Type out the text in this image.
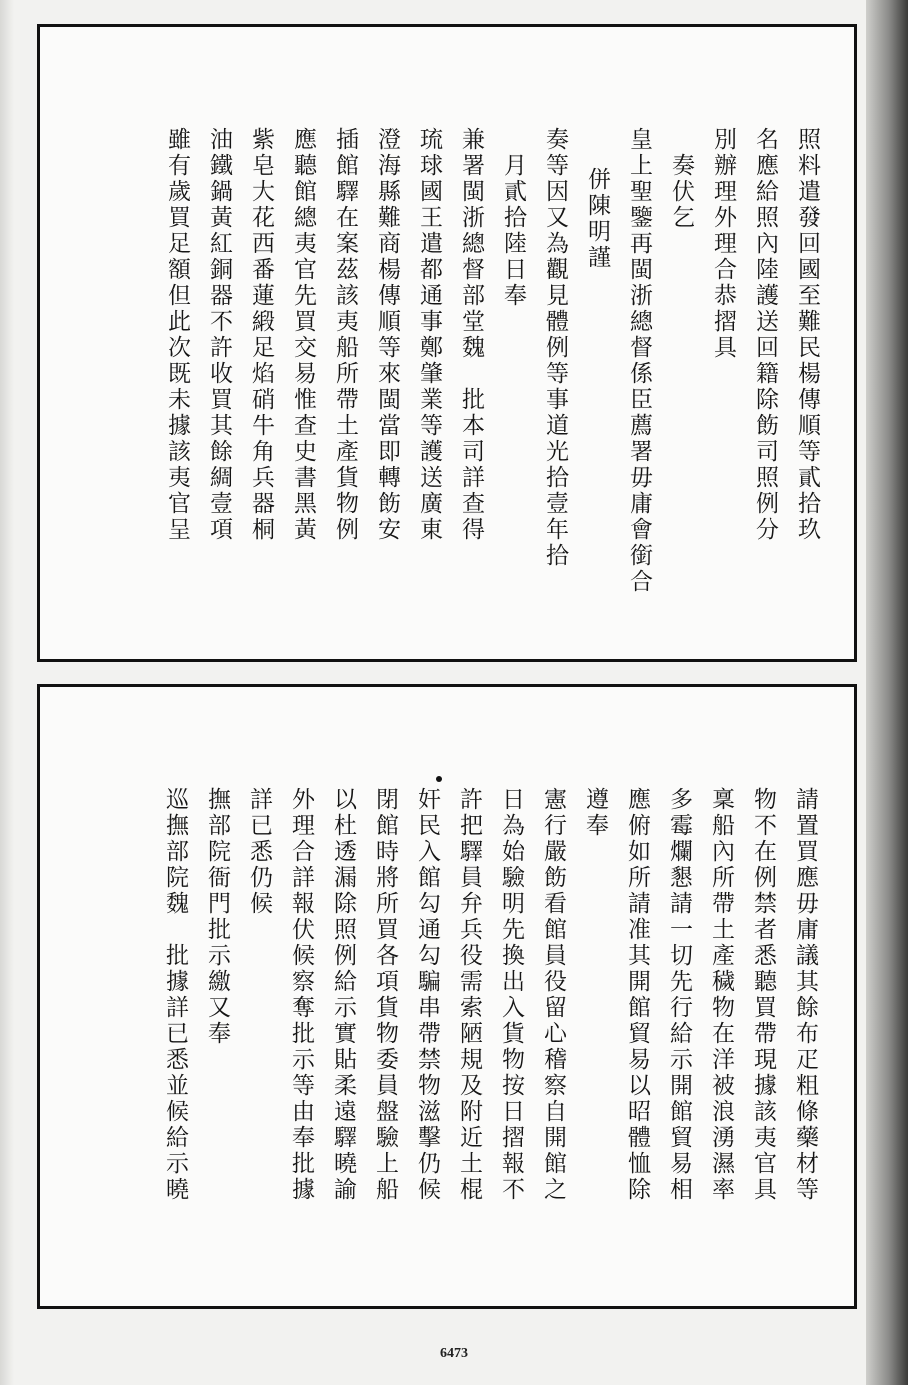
照料遣發回國至難民楊傳順等貳拾玖
名應給照內陸護送回籍除飭司照例分
別辦理外理合恭摺具
奏伏乞
皇上聖鑒再閩浙總督係臣薦署毋庸會銜合
併陳明謹
奏等因又為觀見體例等事道光拾壹年拾
月貳拾陸日奉
兼署閩浙總督部堂魏　批本司詳查得
琉球國王遣都通事鄭肇業等護送廣東
澄海縣難商楊傳順等來閩當即轉飭安
插館驛在案茲該夷船所帶土產貨物例
應聽館總夷官先買交易惟查史書黑黃
紫皂大花西番蓮緞足焰硝牛角兵器桐
油鐵鍋黃紅銅器不許收買其餘綢壹項
雖有歲買足額但此次既未據該夷官呈
請置買應毋庸議其餘布疋粗條藥材等
物不在例禁者悉聽買帶現據該夷官具
稟船內所帶土產穢物在洋被浪湧濕率
多霉爛懇請一切先行給示開館貿易相
應俯如所請准其開館貿易以昭體恤除
遵奉
憲行嚴飭看館員役留心稽察自開館之
日為始驗明先換出入貨物按日摺報不
許把驛員弁兵役需索陋規及附近土棍
奸民入館勾通勾騙串帶禁物滋擊仍候
閉館時將所買各項貨物委員盤驗上船
以杜透漏除照例給示實貼柔遠驛曉諭
外理合詳報伏候察奪批示等由奉批據
詳已悉仍候
撫部院衙門批示繳又奉
巡撫部院魏　批據詳已悉並候給示曉
6473
